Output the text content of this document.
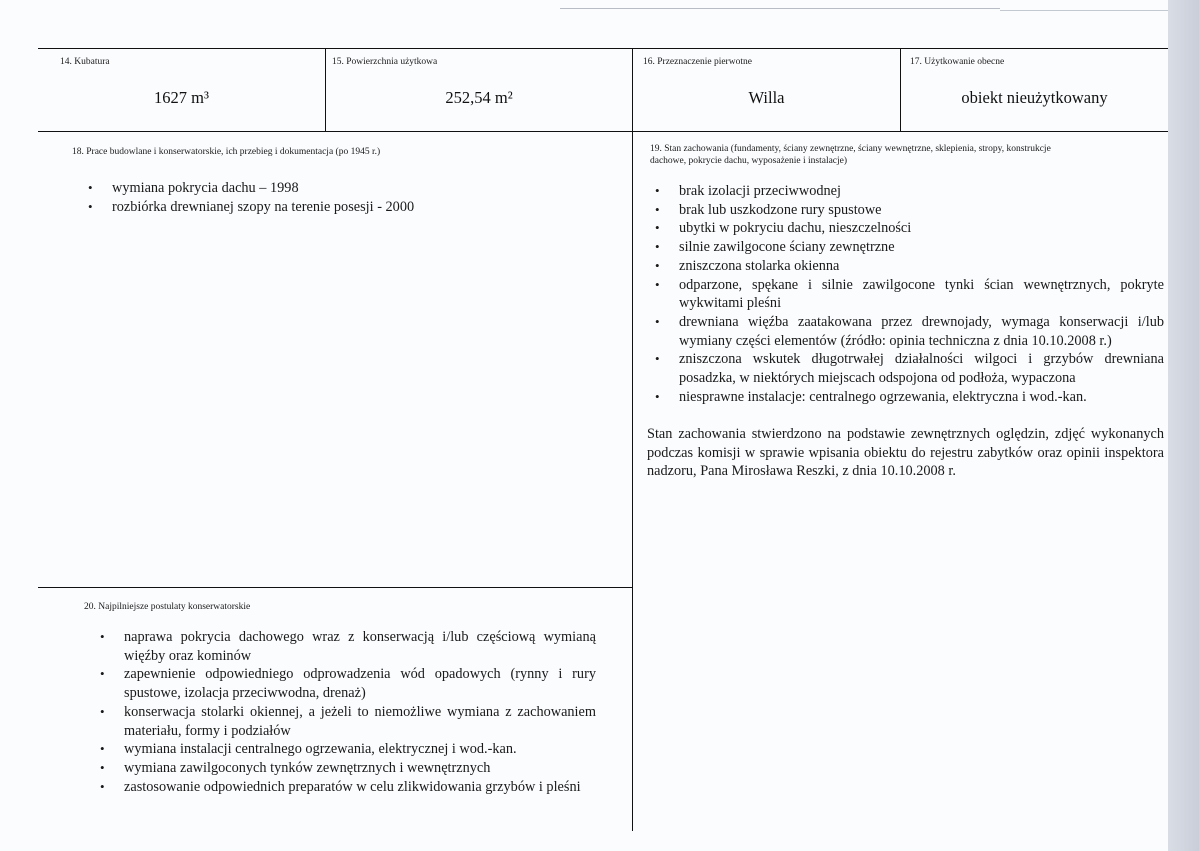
14. Kubatura
1627 m³
15. Powierzchnia użytkowa
252,54 m²
16. Przeznaczenie pierwotne
Willa
17. Użytkowanie obecne
obiekt nieużytkowany
18. Prace budowlane i konserwatorskie, ich przebieg i dokumentacja (po 1945 r.)
• wymiana pokrycia dachu – 1998
• rozbiórka drewnianej szopy na terenie posesji - 2000
19. Stan zachowania (fundamenty, ściany zewnętrzne, ściany wewnętrzne, sklepienia, stropy, konstrukcje
dachowe, pokrycie dachu, wyposażenie i instalacje)
• brak izolacji przeciwwodnej
• brak lub uszkodzone rury spustowe
• ubytki w pokryciu dachu, nieszczelności
• silnie zawilgocone ściany zewnętrzne
• zniszczona stolarka okienna
• odparzone, spękane i silnie zawilgocone tynki ścian wewnętrznych, pokryte wykwitami pleśni
• drewniana więźba zaatakowana przez drewnojady, wymaga konserwacji i/lub wymiany części elementów (źródło: opinia techniczna z dnia 10.10.2008 r.)
• zniszczona wskutek długotrwałej działalności wilgoci i grzybów drewniana posadzka, w niektórych miejscach odspojona od podłoża, wypaczona
• niesprawne instalacje: centralnego ogrzewania, elektryczna i wod.-kan.
Stan zachowania stwierdzono na podstawie zewnętrznych oględzin, zdjęć wykonanych podczas komisji w sprawie wpisania obiektu do rejestru zabytków oraz opinii inspektora nadzoru, Pana Mirosława Reszki, z dnia 10.10.2008 r.
20. Najpilniejsze postulaty konserwatorskie
• naprawa pokrycia dachowego wraz z konserwacją i/lub częściową wymianą więźby oraz kominów
• zapewnienie odpowiedniego odprowadzenia wód opadowych (rynny i rury spustowe, izolacja przeciwwodna, drenaż)
• konserwacja stolarki okiennej, a jeżeli to niemożliwe wymiana z zachowaniem materiału, formy i podziałów
• wymiana instalacji centralnego ogrzewania, elektrycznej i wod.-kan.
• wymiana zawilgoconych tynków zewnętrznych i wewnętrznych
• zastosowanie odpowiednich preparatów w celu zlikwidowania grzybów i pleśni
